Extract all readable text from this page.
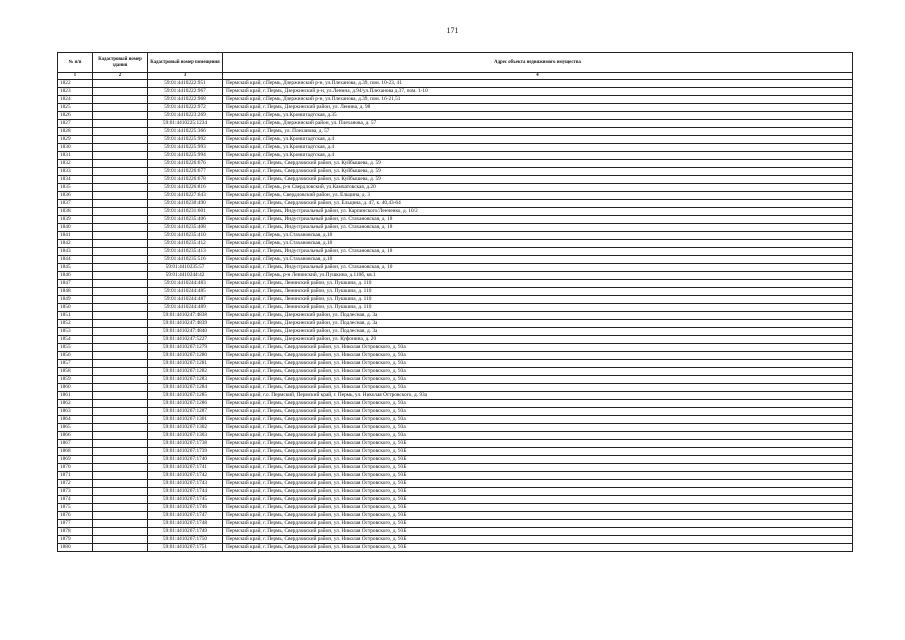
171
№ п/п	Кадастровый номер здания	Кадастровый номер помещения	Адрес объекта недвижимого имущества
1	2	3	4
1822		59:01:4410222:951	Пермский край, г.Пермь, Дзержинский р-н, ул.Плеханова, д.39, пом. 10-23, 41
1823		59:01:4410222:967	Пермский край, г. Пермь, Дзержинский р-н, ул.Ленина, д.94/ул.Плеханова д.37, пом. 1-10
1824		59:01:4410222:968	Пермский край, г.Пермь, Дзержинский р-н, ул.Плеханова, д.39, пом. 16-21,51
1825		59:01:4410222:972	Пермский край, г. Пермь, Дзержинский район, ул. Ленина, д. 98
1826		59:01:4410223:269	Пермский край, г.Пермь, ул.Кронштадтская, д.35
1827		59:01:4410225:1234	Пермский край, г.Пермь, Дзержинский район, ул. Плеханова, д. 57
1828		59:01:4410225:366	Пермский край, г. Пермь, ул. Плеханова, д. 57
1829		59:01:4410225:992	Пермский край, г.Пермь, ул.Кронштадтская, д.4
1830		59:01:4410225:993	Пермский край, г.Пермь, ул.Кронштадтская, д.4
1831		59:01:4410225:994	Пермский край, г.Пермь, ул.Кронштадтская, д.4
1832		59:01:4410226:676	Пермский край, г. Пермь, Свердловский район, ул. Куйбышева, д. 59
1833		59:01:4410226:677	Пермский край, г. Пермь, Свердловский район, ул. Куйбышева, д. 59
1834		59:01:4410226:678	Пермский край, г. Пермь, Свердловский район, ул. Куйбышева, д. 59
1835		59:01:4410226:816	Пермский край, г.Пермь, р-н Свердловский, ул.Камчатовская, д.20
1836		59:01:4410227:643	Пермский край, г.Пермь, Свердловский район, ул. Ельцина, д. 3
1837		59:01:4410230:490	Пермский край, г. Пермь, Свердловский район, ул. Ельцина, д. 47, к. 40,43-64
1838		59:01:4410231:601	Пермский край, г. Пермь, Индустриальный район, ул. Карпинского/Ленченко, д. 10/2
1839		59:01:4410235:406	Пермский край, г. Пермь, Индустриальный район, ул. Стахановская, д. 18
1840		59:01:4410235:408	Пермский край, г. Пермь, Индустриальный район, ул. Стахановская, д. 18
1841		59:01:4410235:410	Пермский край, г.Пермь, ул.Стахановская, д.18
1842		59:01:4410235:412	Пермский край, г.Пермь, ул.Стахановская, д.18
1843		59:01:4410235:413	Пермский край, г. Пермь, Индустриальный район, ул. Стахановская, д. 18
1844		59:01:4410235:516	Пермский край, г.Пермь, ул.Стахановская, д.18
1845		59:01:4410235:57	Пермский край, г. Пермь, Индустриальный район, ул. Стахановская, д. 10
1846		59:01:4410244:42	Пермский край, г.Пермь, р-н Ленинский, ул.Пушкина, д.110б, кв.1
1847		59:01:4410244:483	Пермский край, г. Пермь, Ленинский район, ул. Пушкина, д. 110
1848		59:01:4410244:485	Пермский край, г. Пермь, Ленинский район, ул. Пушкина, д. 110
1849		59:01:4410244:487	Пермский край, г. Пермь, Ленинский район, ул. Пушкина, д. 110
1850		59:01:4410244:489	Пермский край, г. Пермь, Ленинский район, ул. Пушкина, д. 110
1851		59:01:4410247:4838	Пермский край, г. Пермь, Дзержинский район, ул. Подлесная, д. 3а
1852		59:01:4410247:4839	Пермский край, г. Пермь, Дзержинский район, ул. Подлесная, д. 3а
1853		59:01:4410247:4840	Пермский край, г. Пермь, Дзержинский район, ул. Подлесная, д. 3а
1854		59:01:4410247:5227	Пермский край, г. Пермь, Дзержинский район, ул. Куфонина, д. 20
1855		59:01:4410267:1279	Пермский край, г. Пермь, Свердловский район, ул. Николая Островского, д. 93а
1856		59:01:4410267:1280	Пермский край, г. Пермь, Свердловский район, ул. Николая Островского, д. 93а
1857		59:01:4410267:1281	Пермский край, г. Пермь, Свердловский район, ул. Николая Островского, д. 93а
1858		59:01:4410267:1282	Пермский край, г. Пермь, Свердловский район, ул. Николая Островского, д. 93а
1859		59:01:4410267:1283	Пермский край, г. Пермь, Свердловский район, ул. Николая Островского, д. 93а
1860		59:01:4410267:1284	Пермский край, г. Пермь, Свердловский район, ул. Николая Островского, д. 93а
1861		59:01:4410267:1285	Пермский край, г.о. Пермский, Пермский край, г. Пермь, ул. Николая Островского, д. 93а
1862		59:01:4410267:1286	Пермский край, г. Пермь, Свердловский район, ул. Николая Островского, д. 93а
1863		59:01:4410267:1287	Пермский край, г. Пермь, Свердловский район, ул. Николая Островского, д. 93а
1864		59:01:4410267:1301	Пермский край, г. Пермь, Свердловский район, ул. Николая Островского, д. 93а
1865		59:01:4410267:1302	Пермский край, г. Пермь, Свердловский район, ул. Николая Островского, д. 93а
1866		59:01:4410267:1303	Пермский край, г. Пермь, Свердловский район, ул. Николая Островского, д. 93а
1867		59:01:4410267:1738	Пермский край, г. Пермь, Свердловский район, ул. Николая Островского, д. 93Б
1868		59:01:4410267:1739	Пермский край, г. Пермь, Свердловский район, ул. Николая Островского, д. 93Б
1869		59:01:4410267:1740	Пермский край, г. Пермь, Свердловский район, ул. Николая Островского, д. 93Б
1870		59:01:4410267:1741	Пермский край, г. Пермь, Свердловский район, ул. Николая Островского, д. 93Б
1871		59:01:4410267:1742	Пермский край, г. Пермь, Свердловский район, ул. Николая Островского, д. 93Б
1872		59:01:4410267:1743	Пермский край, г. Пермь, Свердловский район, ул. Николая Островского, д. 93Б
1873		59:01:4410267:1744	Пермский край, г. Пермь, Свердловский район, ул. Николая Островского, д. 93Б
1874		59:01:4410267:1745	Пермский край, г. Пермь, Свердловский район, ул. Николая Островского, д. 93Б
1875		59:01:4410267:1746	Пермский край, г. Пермь, Свердловский район, ул. Николая Островского, д. 93Б
1876		59:01:4410267:1747	Пермский край, г. Пермь, Свердловский район, ул. Николая Островского, д. 93Б
1877		59:01:4410267:1748	Пермский край, г. Пермь, Свердловский район, ул. Николая Островского, д. 93Б
1878		59:01:4410267:1749	Пермский край, г. Пермь, Свердловский район, ул. Николая Островского, д. 93Б
1879		59:01:4410267:1750	Пермский край, г. Пермь, Свердловский район, ул. Николая Островского, д. 93Б
1880		59:01:4410267:1751	Пермский край, г. Пермь, Свердловский район, ул. Николая Островского, д. 93Б
